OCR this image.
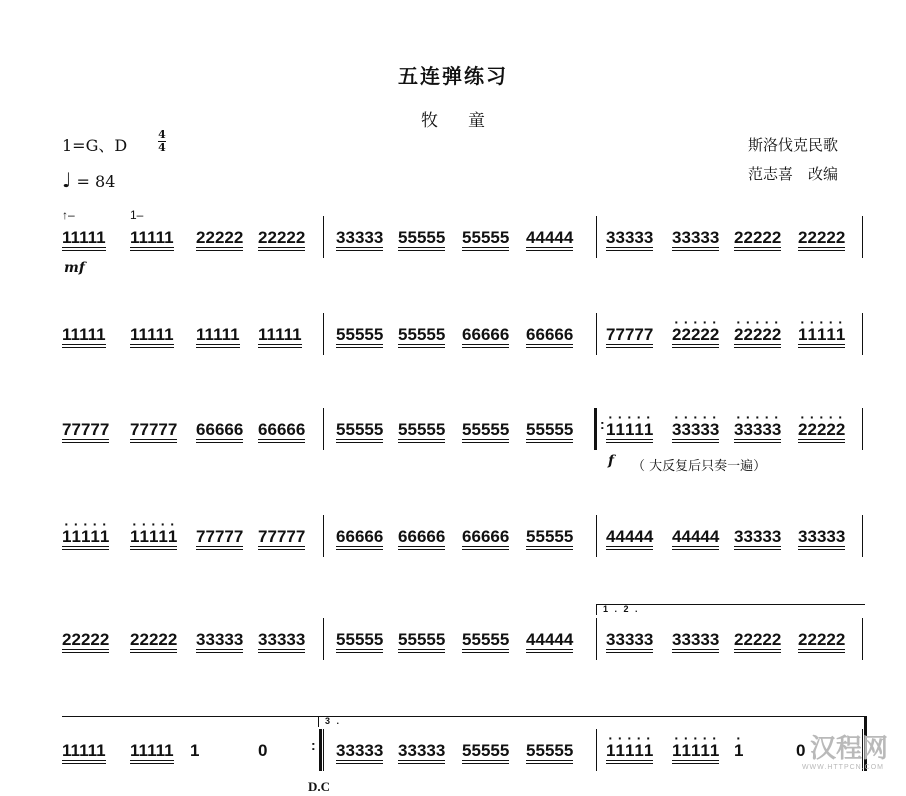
五连弹练习
牧童
1=G、D
4
4
♩ = 84
斯洛伐克民歌
范志喜　改编
11111 11111 22222 22222 33333 55555 55555 44444 33333 33333 22222 22222
11111 11111 11111 11111 55555 55555 66666 66666 77777 · 2· 2· 2· 2· 2 · 2· 2· 2· 2· 2 · 1· 1· 1· 1· 1
77777 77777 66666 66666 55555 55555 55555 55555 · 1· 1· 1· 1· 1 · 3· 3· 3· 3· 3 · 3· 3· 3· 3· 3 · 2· 2· 2· 2· 2
· 1· 1· 1· 1· 1 · 1· 1· 1· 1· 1 77777 77777 66666 66666 66666 55555 44444 44444 33333 33333
22222 22222 33333 33333 55555 55555 55555 44444 33333 33333 22222 22222
11111 11111 1	0	33333 33333 55555 55555 · 1· 1· 1· 1· 1 · 1· 1· 1· 1· 1 · 1	0
:

:

mf
f （ 大反复后只奏一遍）
D.C
1 . 2 .
3 .
↑–	1–
汉程网
WWW.HTTPCN.COM
